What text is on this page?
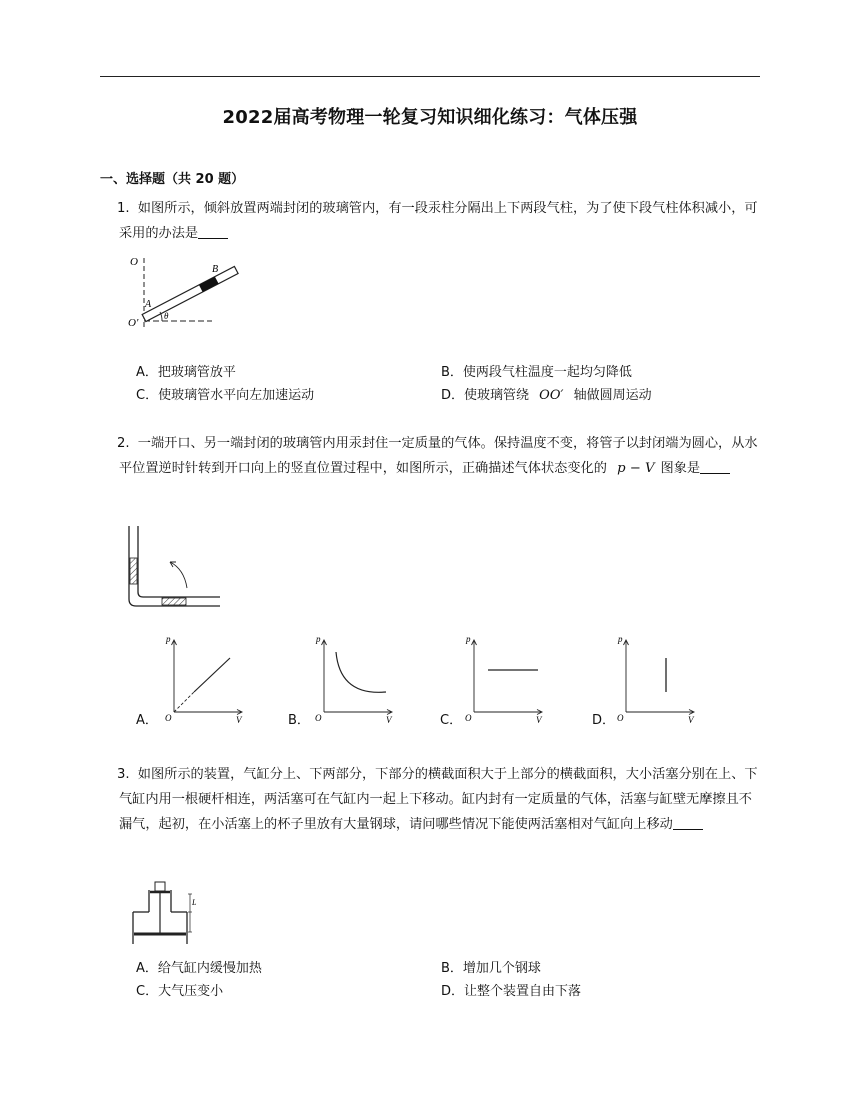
2022届高考物理一轮复习知识细化练习：气体压强
一、选择题（共 20 题）
1. 如图所示，倾斜放置两端封闭的玻璃管内，有一段汞柱分隔出上下两段气柱，为了使下段气柱体积减小，可采用的办法是
O
O'
A
B
θ
A．把玻璃管放平	B．使两段气柱温度一起均匀降低
C．使玻璃管水平向左加速运动	D．使玻璃管绕 OO′ 轴做圆周运动
2. 一端开口、另一端封闭的玻璃管内用汞封住一定质量的气体。保持温度不变，将管子以封闭端为圆心，从水平位置逆时针转到开口向上的竖直位置过程中，如图所示，正确描述气体状态变化的 p − V 图象是
p
V
O
p
V
O
p
V
O
p
V
O
A．	B．	C．	D．
3. 如图所示的装置，气缸分上、下两部分，下部分的横截面积大于上部分的横截面积，大小活塞分别在上、下气缸内用一根硬杆相连，两活塞可在气缸内一起上下移动。缸内封有一定质量的气体，活塞与缸壁无摩擦且不漏气，起初，在小活塞上的杯子里放有大量钢球，请问哪些情况下能使两活塞相对气缸向上移动
L
A．给气缸内缓慢加热	B．增加几个钢球
C．大气压变小	D．让整个装置自由下落
